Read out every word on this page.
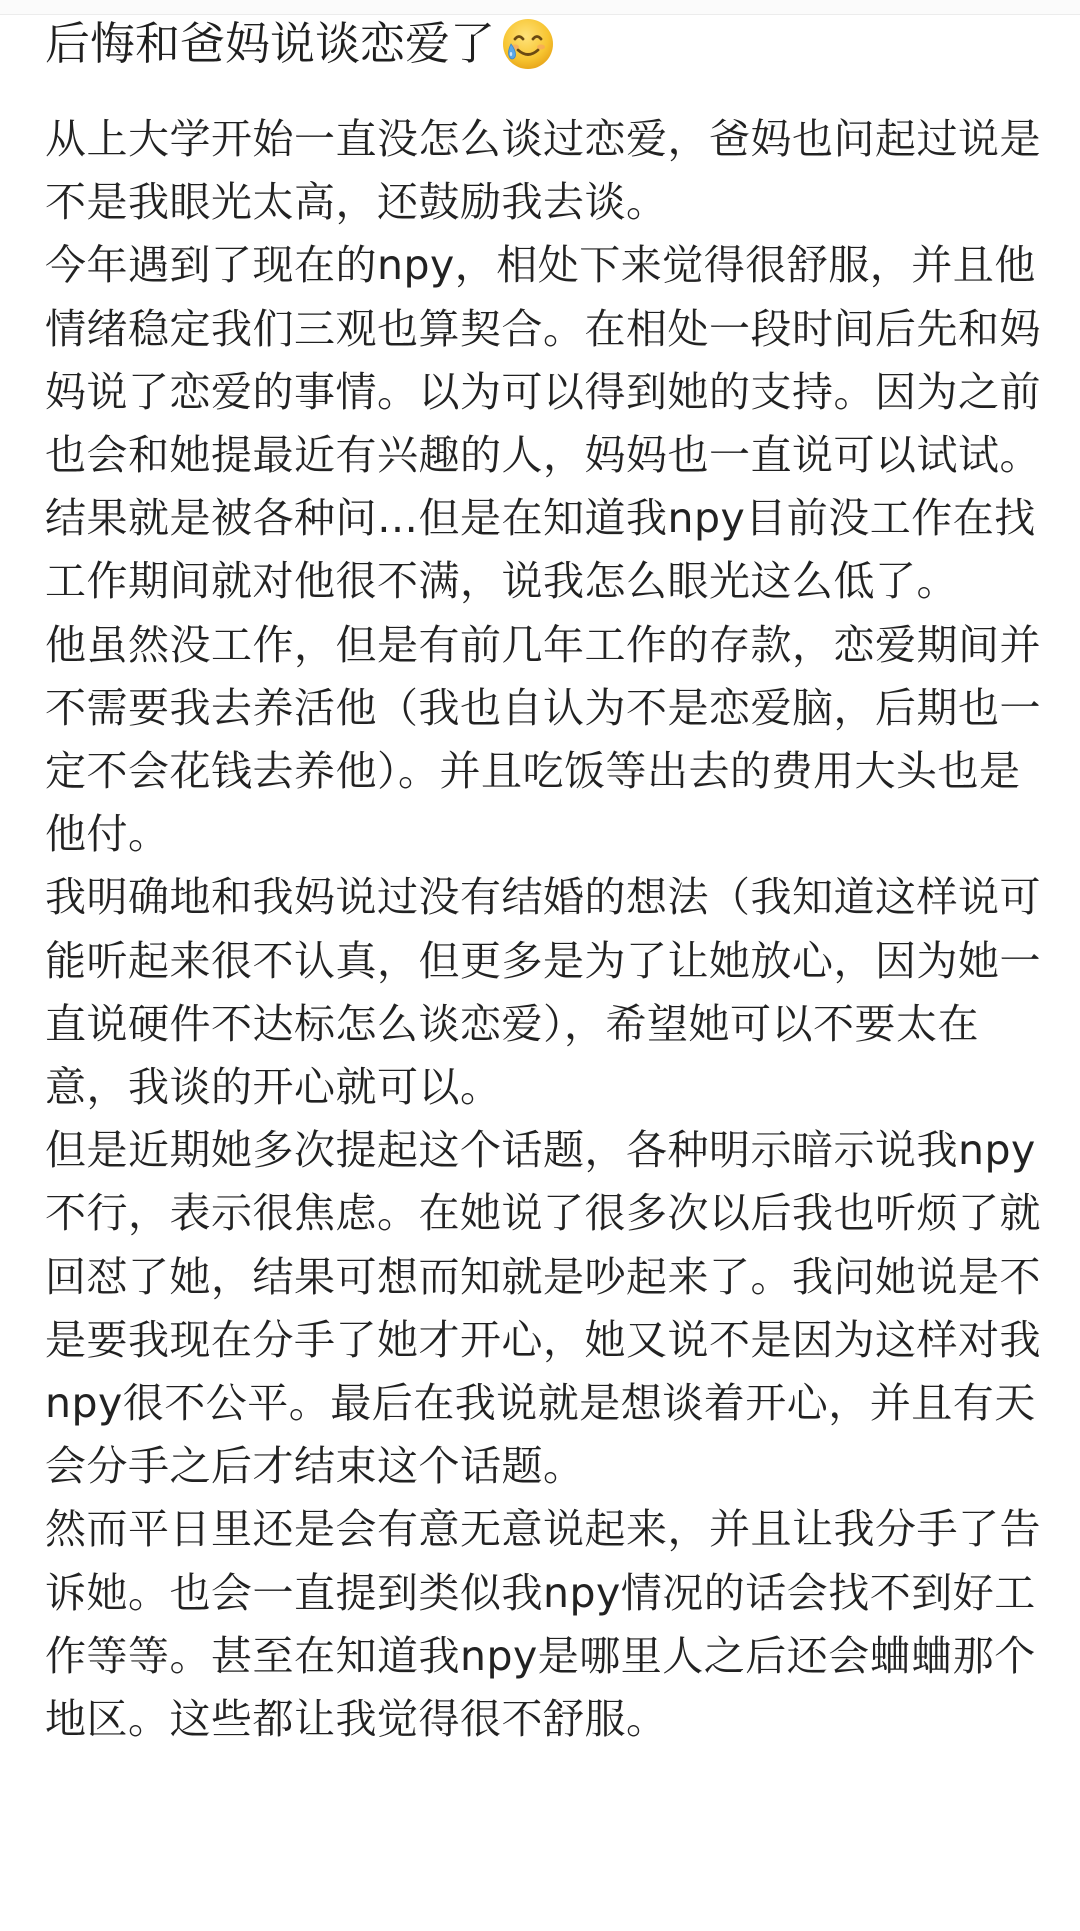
后悔和爸妈说谈恋爱了

从上大学开始一直没怎么谈过恋爱，爸妈也问起过说是不是我眼光太高，还鼓励我去谈。

今年遇到了现在的npy，相处下来觉得很舒服，并且他情绪稳定我们三观也算契合。在相处一段时间后先和妈妈说了恋爱的事情。以为可以得到她的支持。因为之前也会和她提最近有兴趣的人，妈妈也一直说可以试试。

结果就是被各种问…但是在知道我npy目前没工作在找工作期间就对他很不满，说我怎么眼光这么低了。

他虽然没工作，但是有前几年工作的存款，恋爱期间并不需要我去养活他（我也自认为不是恋爱脑，后期也一定不会花钱去养他）。并且吃饭等出去的费用大头也是他付。

我明确地和我妈说过没有结婚的想法（我知道这样说可能听起来很不认真，但更多是为了让她放心，因为她一直说硬件不达标怎么谈恋爱），希望她可以不要太在意，我谈的开心就可以。

但是近期她多次提起这个话题，各种明示暗示说我npy不行，表示很焦虑。在她说了很多次以后我也听烦了就回怼了她，结果可想而知就是吵起来了。我问她说是不是要我现在分手了她才开心，她又说不是因为这样对我npy很不公平。最后在我说就是想谈着开心，并且有天会分手之后才结束这个话题。

然而平日里还是会有意无意说起来，并且让我分手了告诉她。也会一直提到类似我npy情况的话会找不到好工作等等。甚至在知道我npy是哪里人之后还会蛐蛐那个地区。这些都让我觉得很不舒服。
